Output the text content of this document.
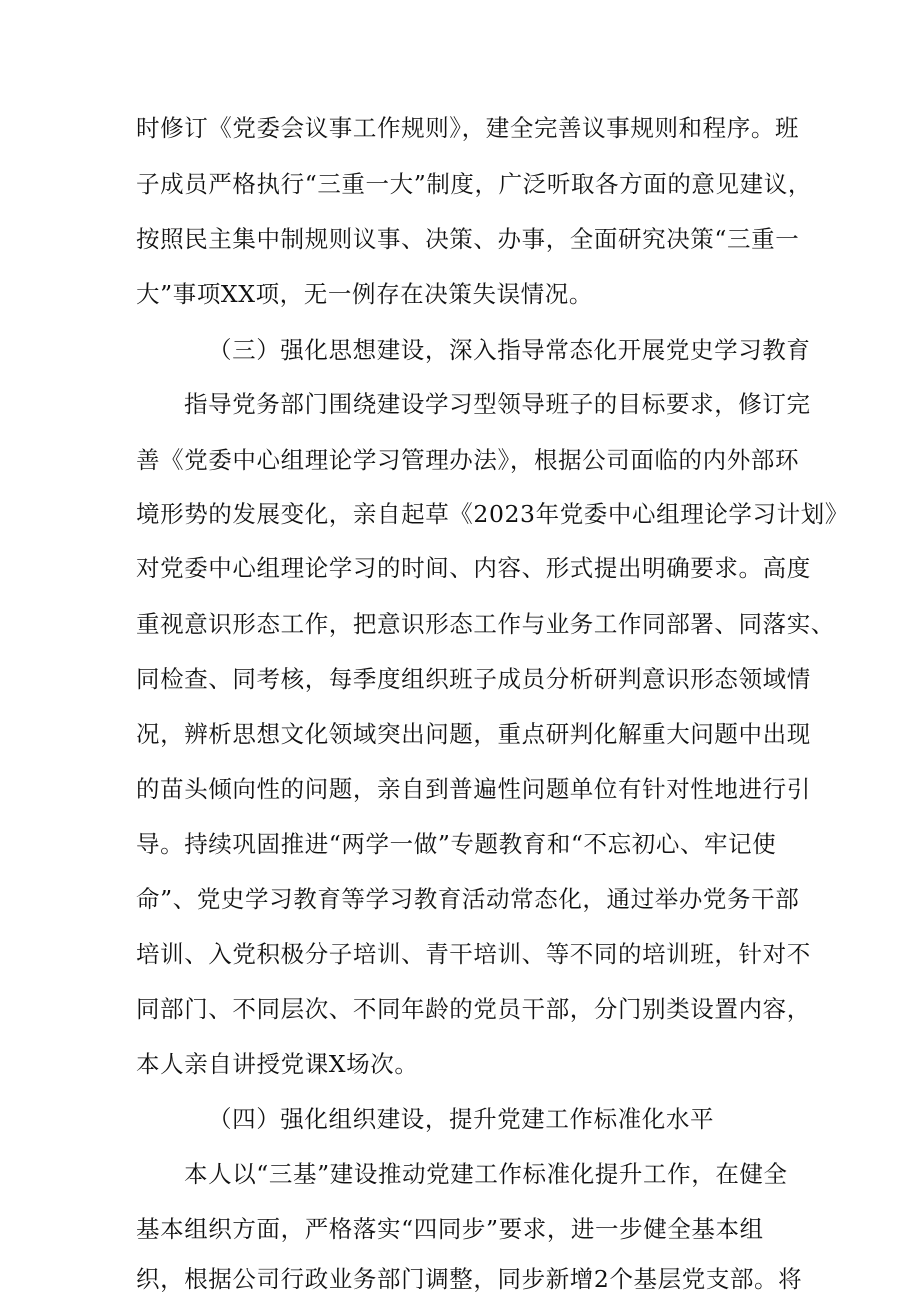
时修订《党委会议事工作规则》，建全完善议事规则和程序。班
子成员严格执行“三重一大”制度，广泛听取各方面的意见建议，
按照民主集中制规则议事、决策、办事，全面研究决策“三重一
大”事项XX项，无一例存在决策失误情况。
（三）强化思想建设，深入指导常态化开展党史学习教育
指导党务部门围绕建设学习型领导班子的目标要求，修订完
善《党委中心组理论学习管理办法》，根据公司面临的内外部环
境形势的发展变化，亲自起草《2023年党委中心组理论学习计划》
对党委中心组理论学习的时间、内容、形式提出明确要求。高度
重视意识形态工作，把意识形态工作与业务工作同部署、同落实、
同检查、同考核，每季度组织班子成员分析研判意识形态领域情
况，辨析思想文化领域突出问题，重点研判化解重大问题中出现
的苗头倾向性的问题，亲自到普遍性问题单位有针对性地进行引
导。持续巩固推进“两学一做”专题教育和“不忘初心、牢记使
命”、党史学习教育等学习教育活动常态化，通过举办党务干部
培训、入党积极分子培训、青干培训、等不同的培训班，针对不
同部门、不同层次、不同年龄的党员干部，分门别类设置内容，
本人亲自讲授党课X场次。
（四）强化组织建设，提升党建工作标准化水平
本人以“三基”建设推动党建工作标准化提升工作，在健全
基本组织方面，严格落实“四同步”要求，进一步健全基本组
织，根据公司行政业务部门调整，同步新增2个基层党支部。将
